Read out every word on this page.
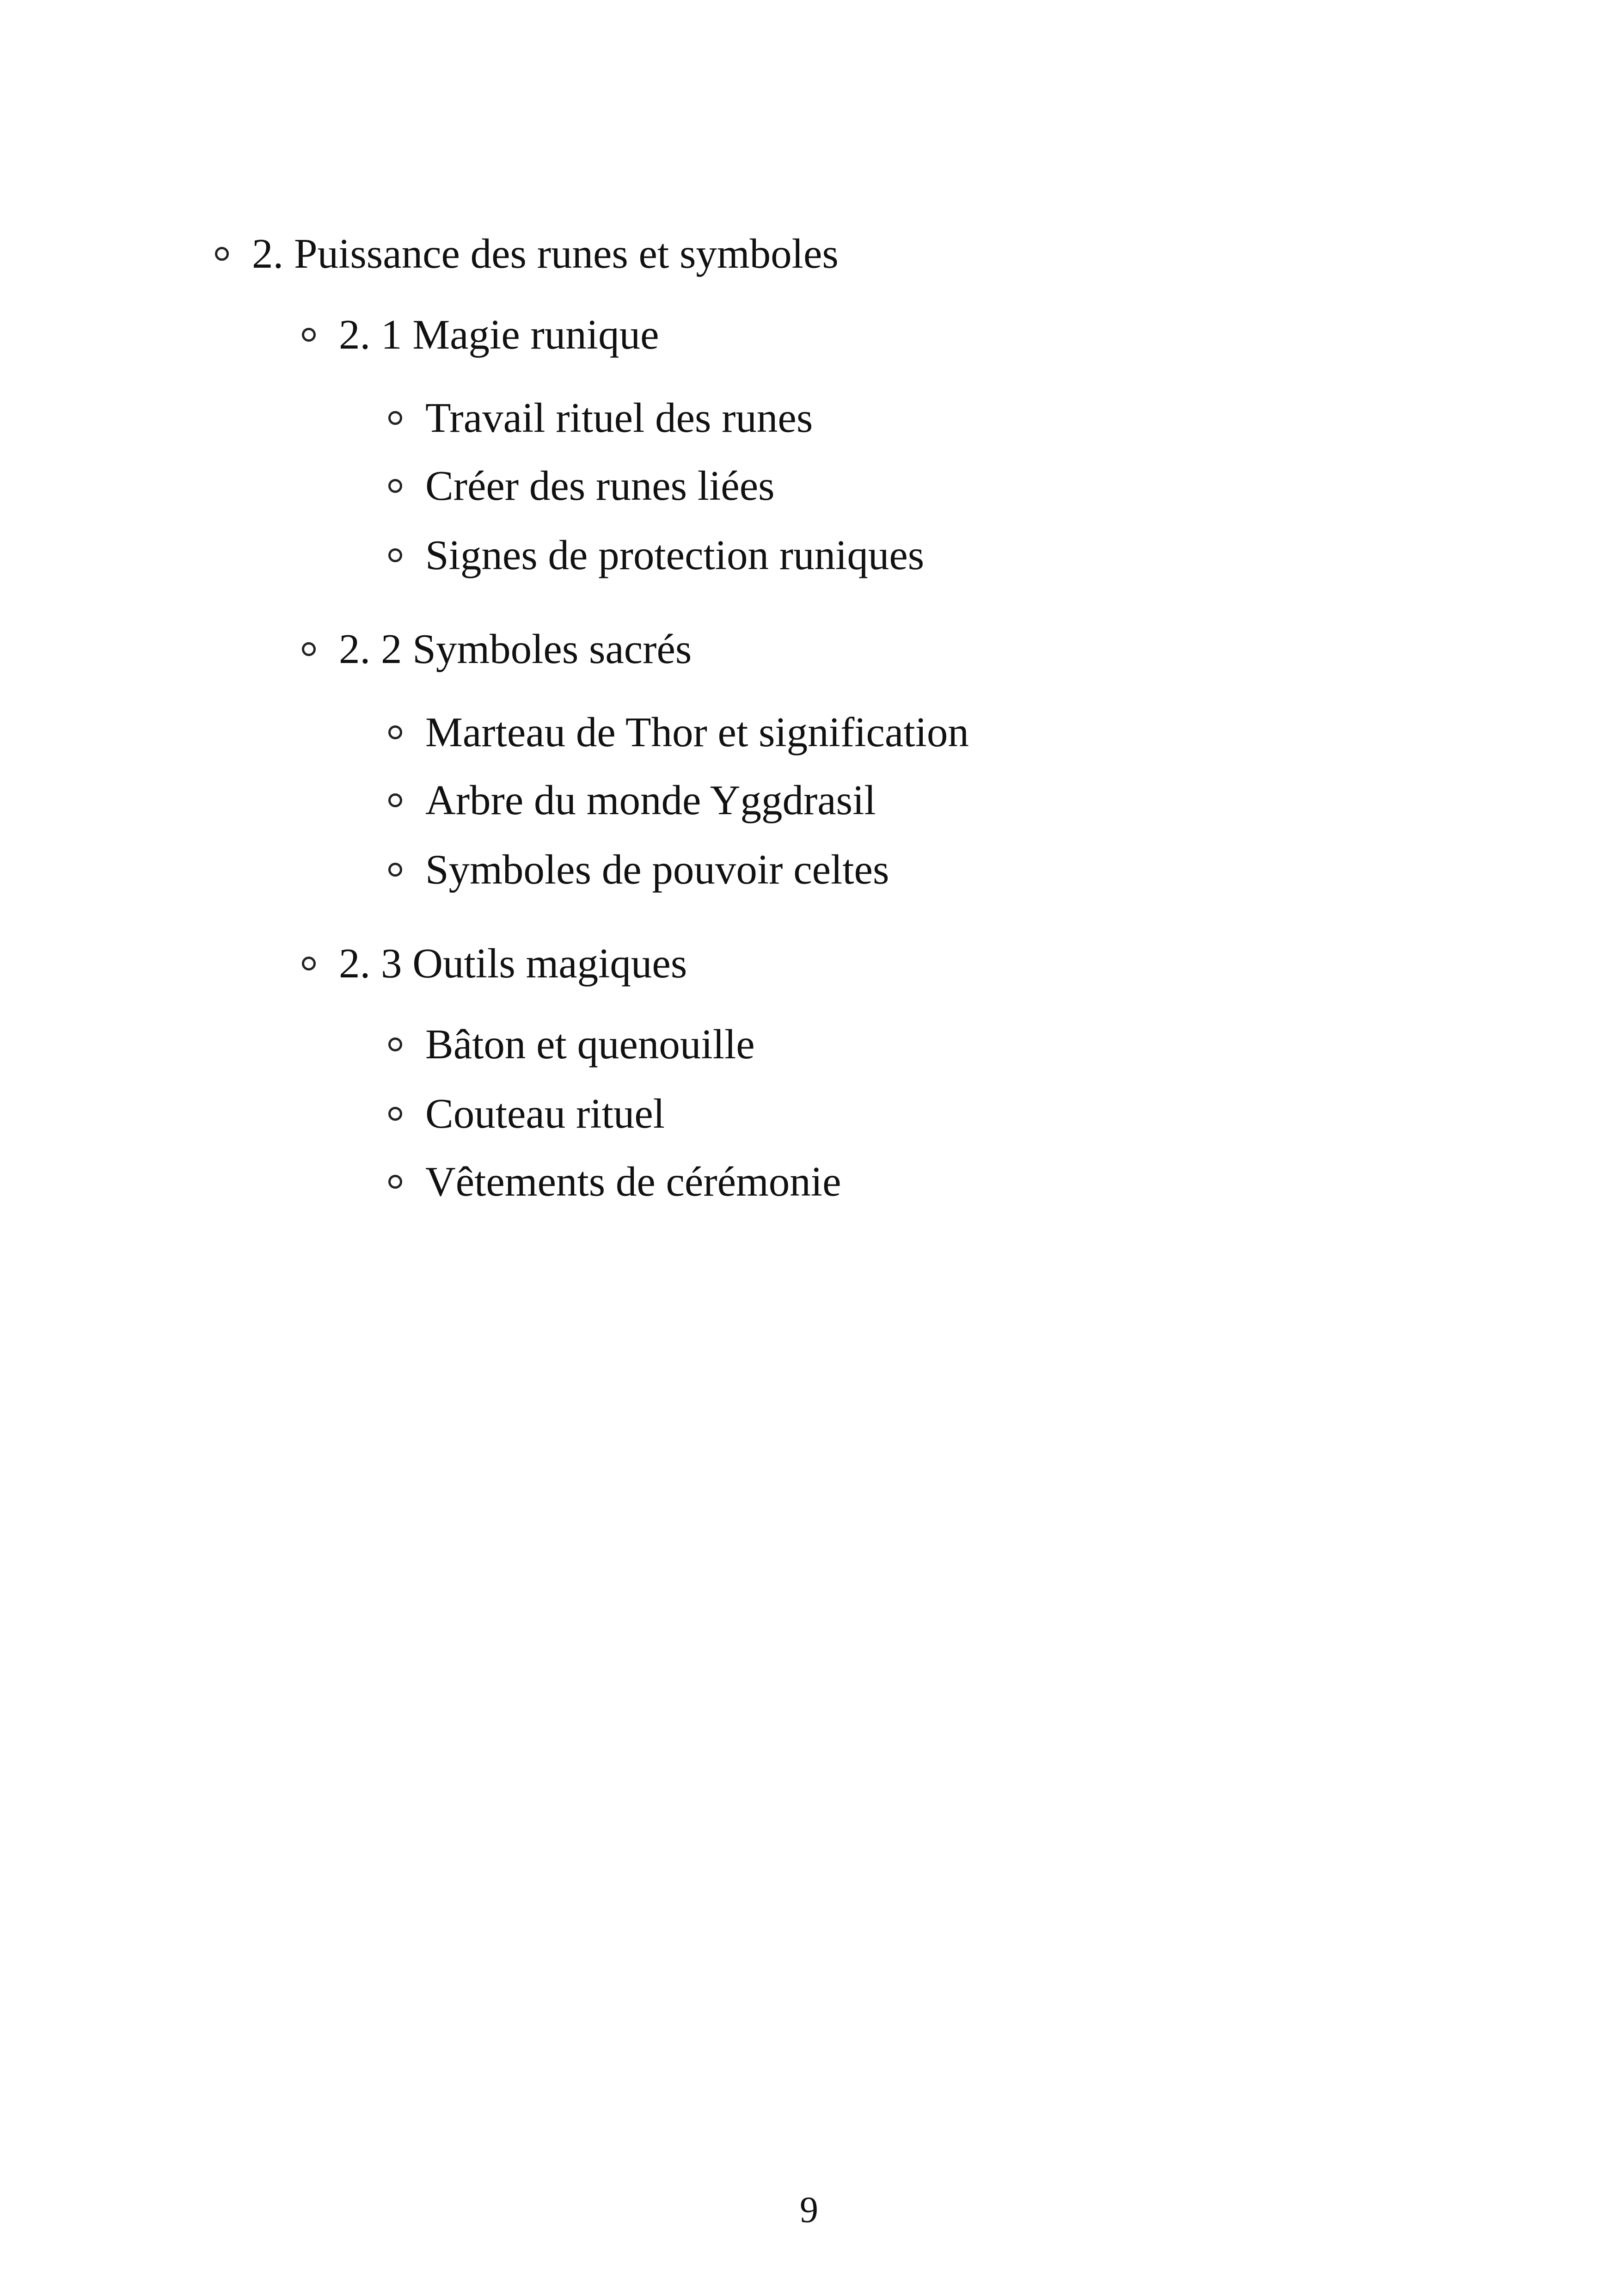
2. Puissance des runes et symboles
2. 1 Magie runique
Travail rituel des runes
Créer des runes liées
Signes de protection runiques
2. 2 Symboles sacrés
Marteau de Thor et signification
Arbre du monde Yggdrasil
Symboles de pouvoir celtes
2. 3 Outils magiques
Bâton et quenouille
Couteau rituel
Vêtements de cérémonie
9
